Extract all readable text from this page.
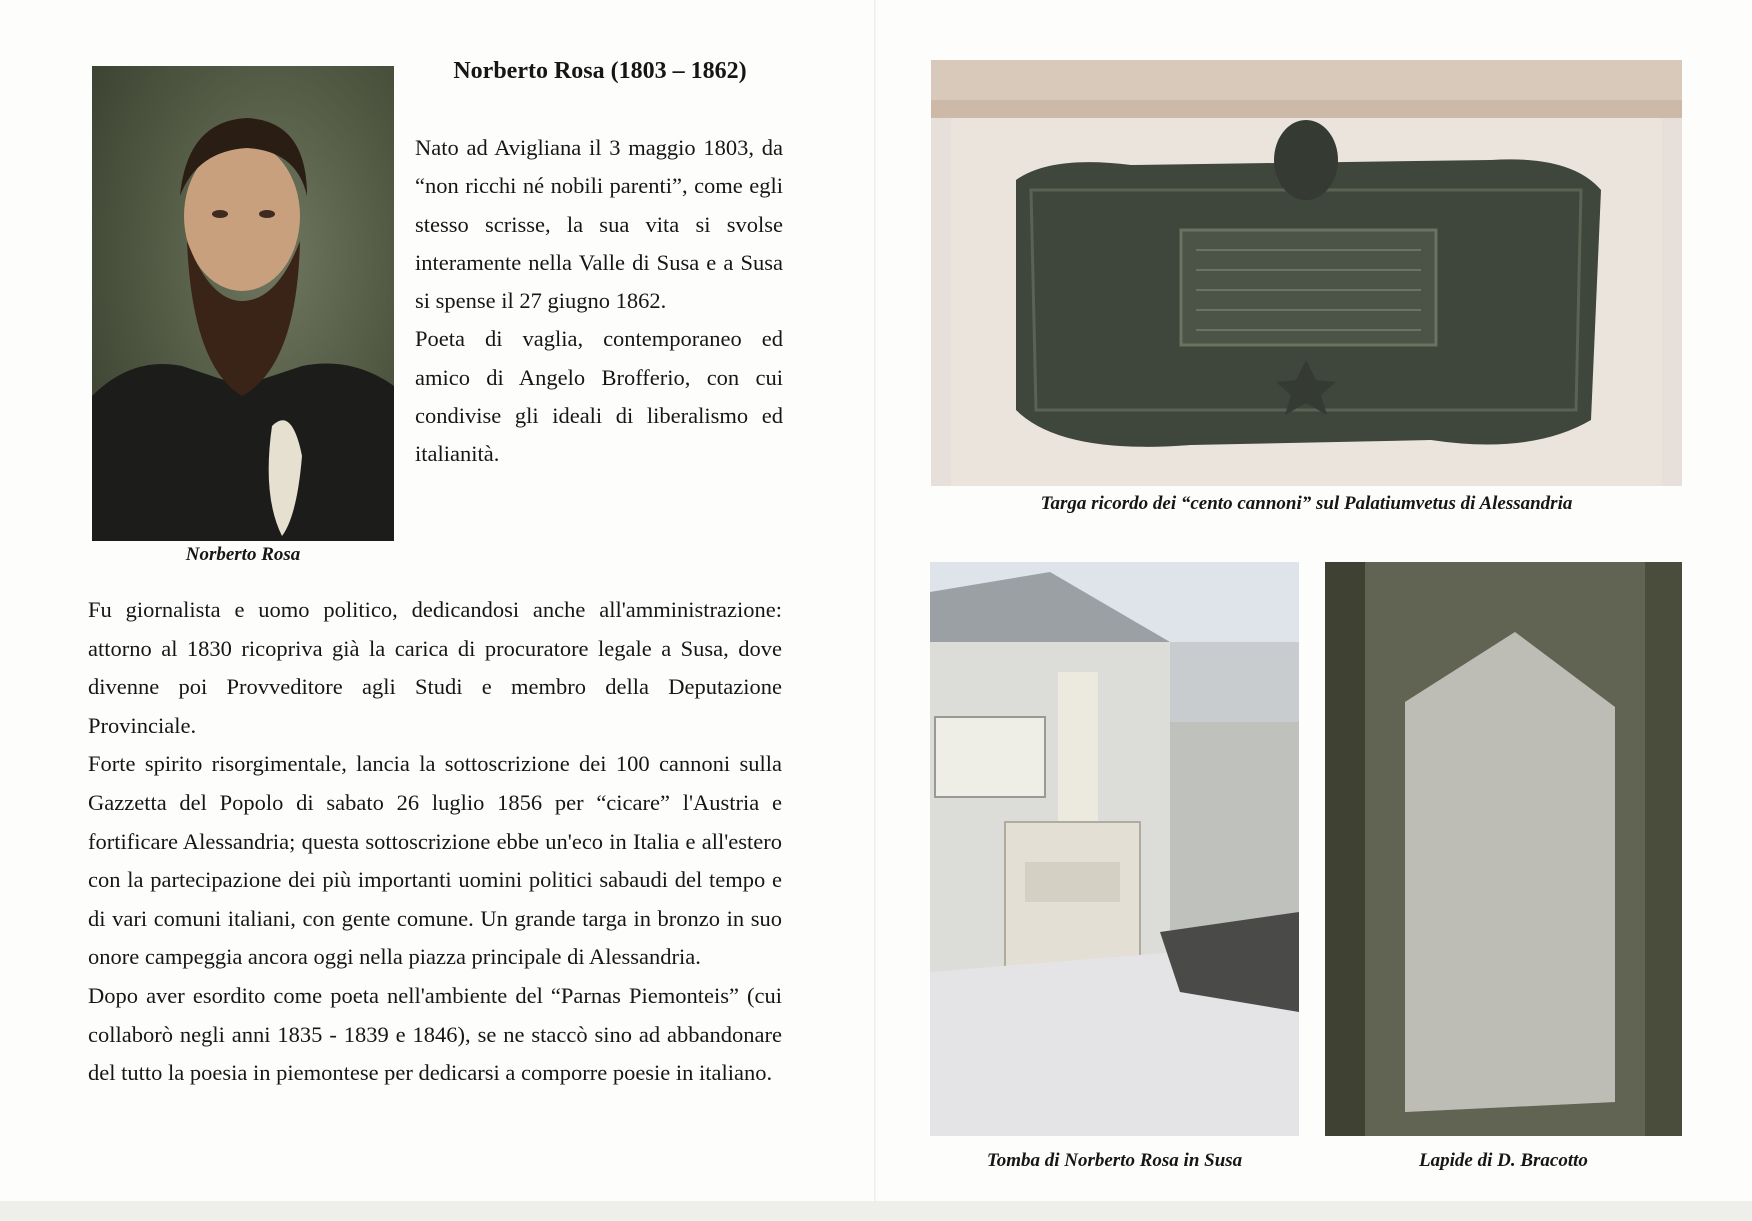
Norberto Rosa
Norberto Rosa (1803 – 1862)

Nato ad Avigliana il 3 maggio 1803, da “non ricchi né nobili parenti”, come egli stesso scrisse, la sua vita si svolse interamente nella Valle di Susa e a Susa si spense il 27 giugno 1862.

Poeta di vaglia, contemporaneo ed amico di Angelo Brofferio, con cui condivise gli ideali di liberalismo ed italianità.

Fu giornalista e uomo politico, dedicandosi anche all'amministrazione: attorno al 1830 ricopriva già la carica di procuratore legale a Susa, dove divenne poi Provveditore agli Studi e membro della Deputazione Provinciale.

Forte spirito risorgimentale, lancia la sottoscrizione dei 100 cannoni sulla Gazzetta del Popolo di sabato 26 luglio 1856 per “cicare” l'Austria e fortificare Alessandria; questa sottoscrizione ebbe un'eco in Italia e all'estero con la partecipazione dei più importanti uomini politici sabaudi del tempo e di vari comuni italiani, con gente comune. Un grande targa in bronzo in suo onore campeggia ancora oggi nella piazza principale di Alessandria.

Dopo aver esordito come poeta nell'ambiente del “Parnas Piemonteis” (cui collaborò negli anni 1835 - 1839 e 1846), se ne staccò sino ad abbandonare del tutto la poesia in piemontese per dedicarsi a comporre poesie in italiano.

Targa ricordo dei “cento cannoni” sul Palatiumvetus di Alessandria
Tomba di Norberto Rosa in Susa	Lapide di D. Bracotto
